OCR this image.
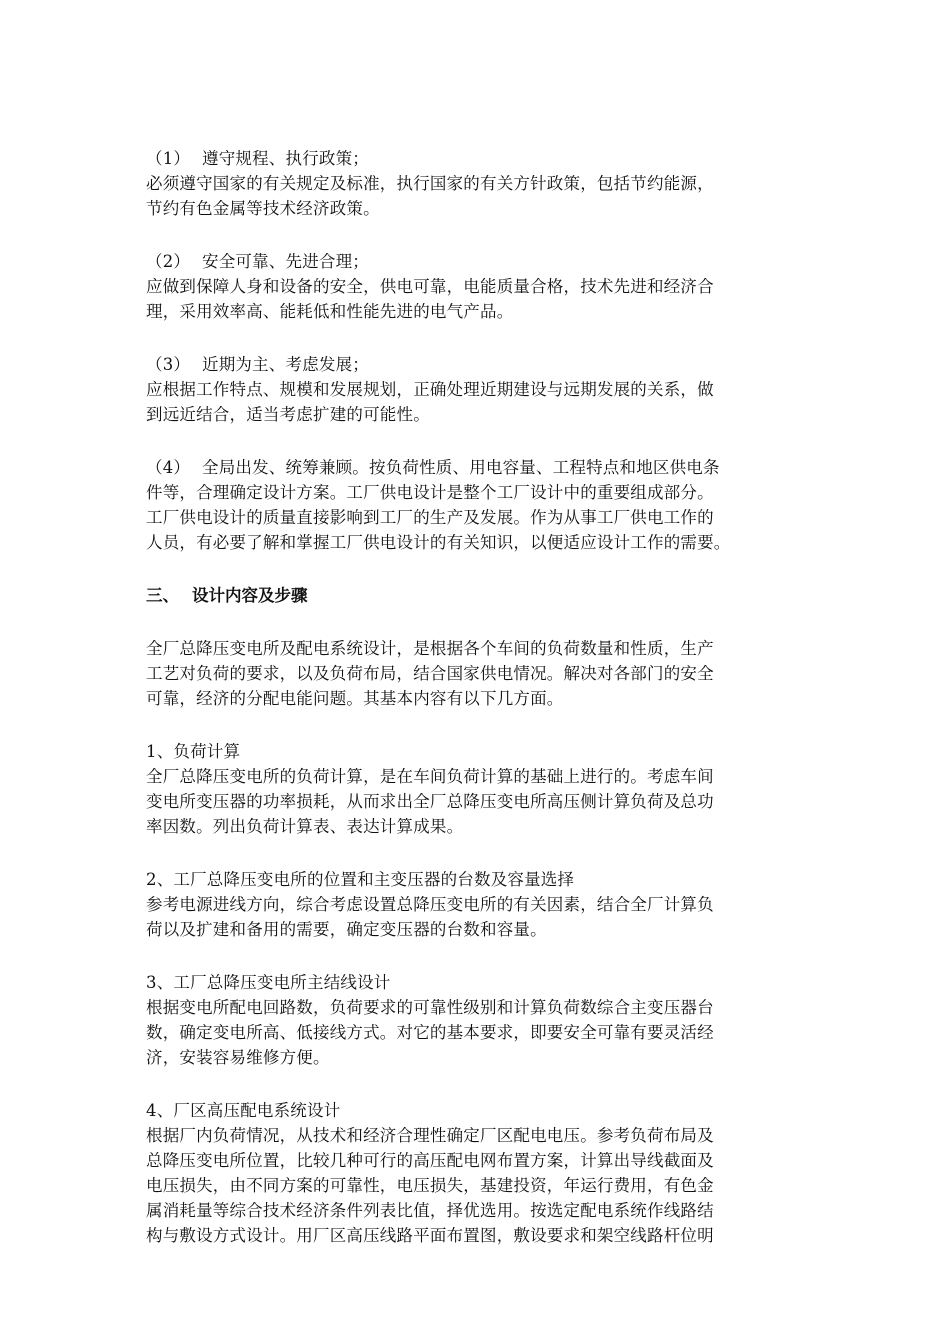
（1） 遵守规程、执行政策；
必须遵守国家的有关规定及标准，执行国家的有关方针政策，包括节约能源，
节约有色金属等技术经济政策。
（2） 安全可靠、先进合理；
应做到保障人身和设备的安全，供电可靠，电能质量合格，技术先进和经济合
理，采用效率高、能耗低和性能先进的电气产品。
（3） 近期为主、考虑发展；
应根据工作特点、规模和发展规划，正确处理近期建设与远期发展的关系，做
到远近结合，适当考虑扩建的可能性。
（4） 全局出发、统筹兼顾。按负荷性质、用电容量、工程特点和地区供电条
件等，合理确定设计方案。工厂供电设计是整个工厂设计中的重要组成部分。
工厂供电设计的质量直接影响到工厂的生产及发展。作为从事工厂供电工作的
人员，有必要了解和掌握工厂供电设计的有关知识，以便适应设计工作的需要。
三、 设计内容及步骤
全厂总降压变电所及配电系统设计，是根据各个车间的负荷数量和性质，生产
工艺对负荷的要求，以及负荷布局，结合国家供电情况。解决对各部门的安全
可靠，经济的分配电能问题。其基本内容有以下几方面。
1、负荷计算
全厂总降压变电所的负荷计算，是在车间负荷计算的基础上进行的。考虑车间
变电所变压器的功率损耗，从而求出全厂总降压变电所高压侧计算负荷及总功
率因数。列出负荷计算表、表达计算成果。
2、工厂总降压变电所的位置和主变压器的台数及容量选择
参考电源进线方向，综合考虑设置总降压变电所的有关因素，结合全厂计算负
荷以及扩建和备用的需要，确定变压器的台数和容量。
3、工厂总降压变电所主结线设计
根据变电所配电回路数，负荷要求的可靠性级别和计算负荷数综合主变压器台
数，确定变电所高、低接线方式。对它的基本要求，即要安全可靠有要灵活经
济，安装容易维修方便。
4、厂区高压配电系统设计
根据厂内负荷情况，从技术和经济合理性确定厂区配电电压。参考负荷布局及
总降压变电所位置，比较几种可行的高压配电网布置方案，计算出导线截面及
电压损失，由不同方案的可靠性，电压损失，基建投资，年运行费用，有色金
属消耗量等综合技术经济条件列表比值，择优选用。按选定配电系统作线路结
构与敷设方式设计。用厂区高压线路平面布置图，敷设要求和架空线路杆位明
